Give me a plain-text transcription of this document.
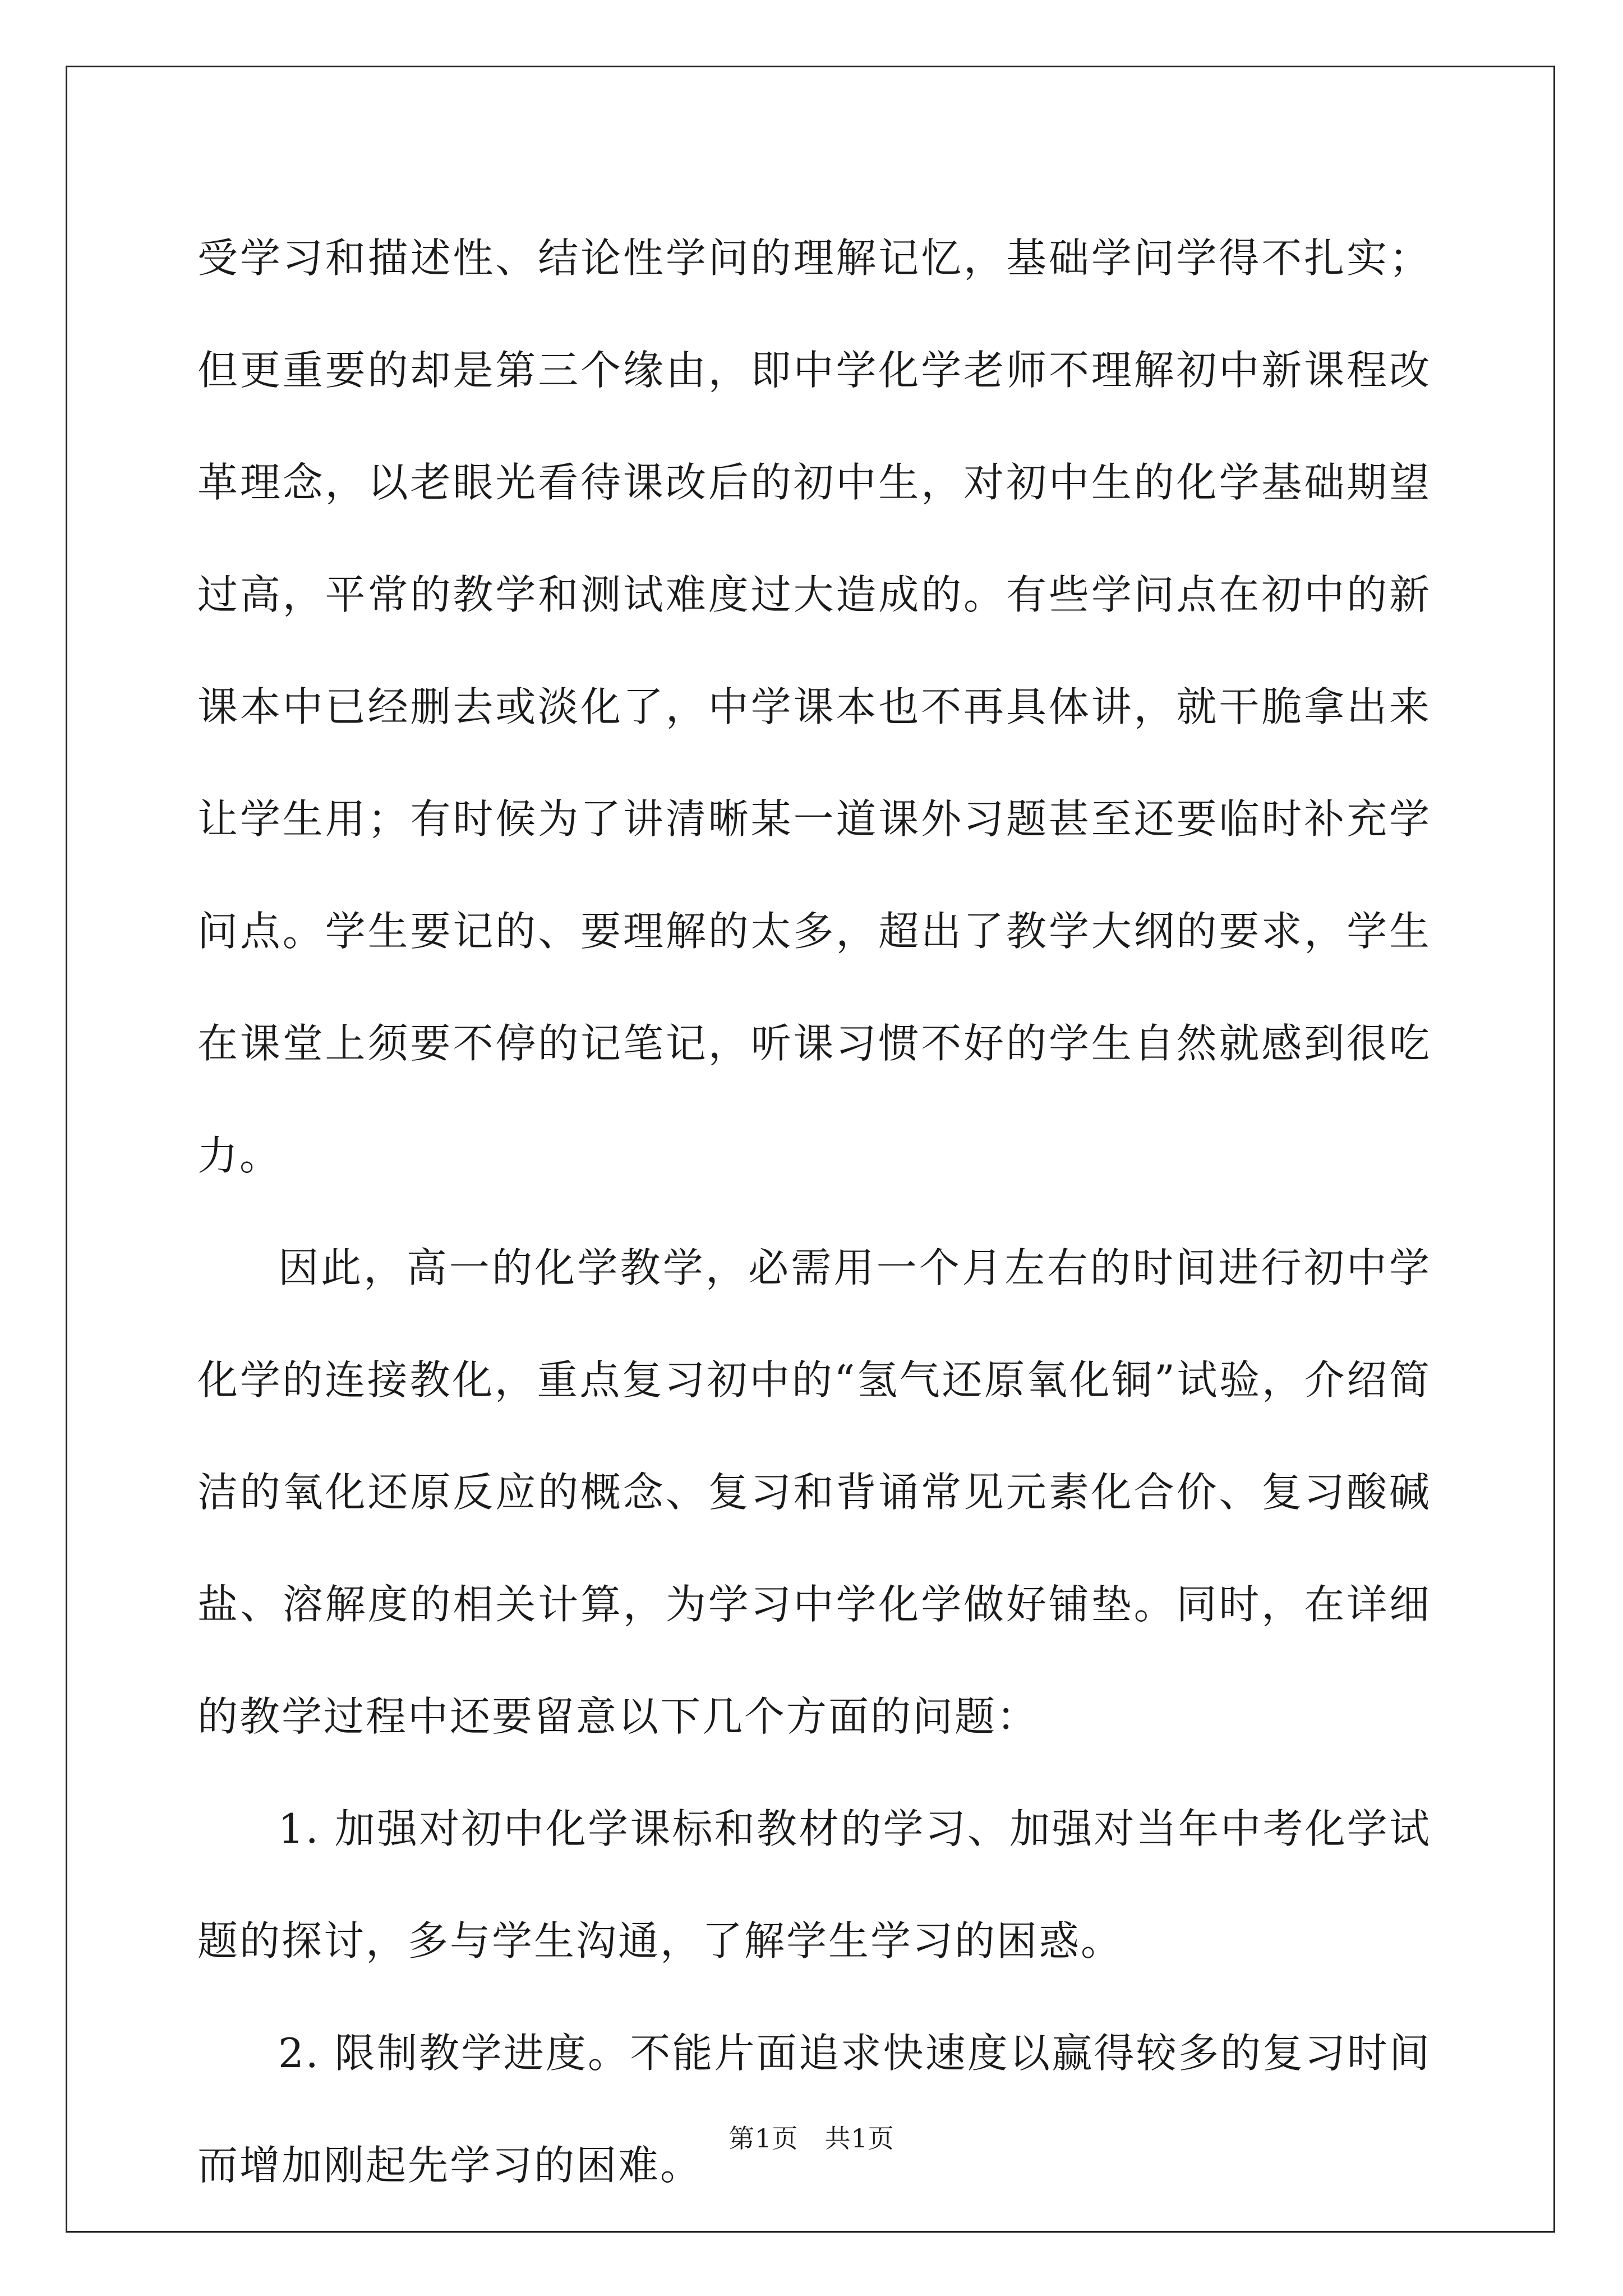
受学习和描述性、结论性学问的理解记忆，基础学问学得不扎实；但更重要的却是第三个缘由，即中学化学老师不理解初中新课程改革理念，以老眼光看待课改后的初中生，对初中生的化学基础期望过高，平常的教学和测试难度过大造成的。有些学问点在初中的新课本中已经删去或淡化了，中学课本也不再具体讲，就干脆拿出来让学生用；有时候为了讲清晰某一道课外习题甚至还要临时补充学问点。学生要记的、要理解的太多，超出了教学大纲的要求，学生在课堂上须要不停的记笔记，听课习惯不好的学生自然就感到很吃力。

因此，高一的化学教学，必需用一个月左右的时间进行初中学化学的连接教化，重点复习初中的“氢气还原氧化铜”试验，介绍简洁的氧化还原反应的概念、复习和背诵常见元素化合价、复习酸碱盐、溶解度的相关计算，为学习中学化学做好铺垫。同时，在详细的教学过程中还要留意以下几个方面的问题：

1. 加强对初中化学课标和教材的学习、加强对当年中考化学试题的探讨，多与学生沟通，了解学生学习的困惑。

2. 限制教学进度。不能片面追求快速度以赢得较多的复习时间而增加刚起先学习的困难。

第1页　共1页
